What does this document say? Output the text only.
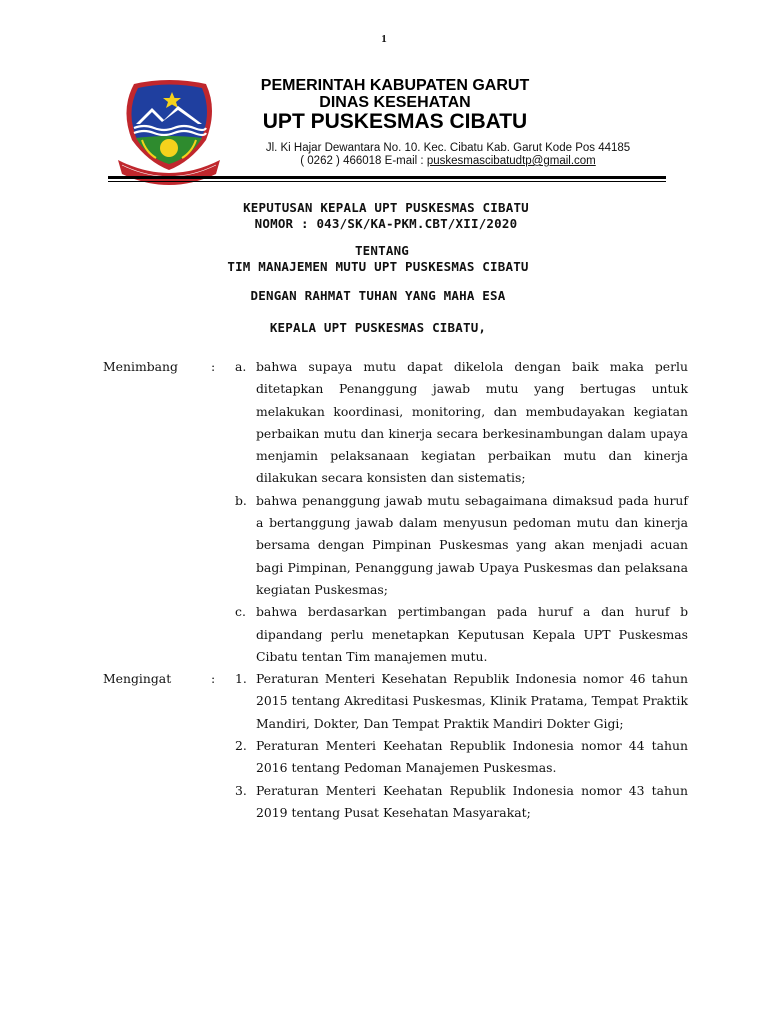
1
PEMERINTAH KABUPATEN GARUT
DINAS KESEHATAN
UPT PUSKESMAS CIBATU
Jl. Ki Hajar Dewantara No. 10. Kec. Cibatu Kab. Garut Kode Pos 44185
( 0262 ) 466018 E-mail : puskesmascibatudtp@gmail.com
KEPUTUSAN KEPALA UPT PUSKESMAS CIBATU
NOMOR : 043/SK/KA-PKM.CBT/XII/2020
TENTANG
TIM MANAJEMEN MUTU UPT PUSKESMAS CIBATU
DENGAN RAHMAT TUHAN YANG MAHA ESA
KEPALA UPT PUSKESMAS CIBATU,
Menimbang	:	a. bahwa supaya mutu dapat dikelola dengan baik maka perlu ditetapkan Penanggung jawab mutu yang bertugas untuk melakukan koordinasi, monitoring, dan membudayakan kegiatan perbaikan mutu dan kinerja secara berkesinambungan dalam upaya menjamin pelaksanaan kegiatan perbaikan mutu dan kinerja dilakukan secara konsisten dan sistematis;
b. bahwa penanggung jawab mutu sebagaimana dimaksud pada huruf a bertanggung jawab dalam menyusun pedoman mutu dan kinerja bersama dengan Pimpinan Puskesmas yang akan menjadi acuan bagi Pimpinan, Penanggung jawab Upaya Puskesmas dan pelaksana kegiatan Puskesmas;
c. bahwa berdasarkan pertimbangan pada huruf a dan huruf b dipandang perlu menetapkan Keputusan Kepala UPT Puskesmas Cibatu tentan Tim manajemen mutu.
Mengingat	:	1. Peraturan Menteri Kesehatan Republik Indonesia nomor 46 tahun 2015 tentang Akreditasi Puskesmas, Klinik Pratama, Tempat Praktik Mandiri, Dokter, Dan Tempat Praktik Mandiri Dokter Gigi;
2. Peraturan Menteri Keehatan Republik Indonesia nomor 44 tahun 2016 tentang Pedoman Manajemen Puskesmas.
3. Peraturan Menteri Keehatan Republik Indonesia nomor 43 tahun 2019 tentang Pusat Kesehatan Masyarakat;
